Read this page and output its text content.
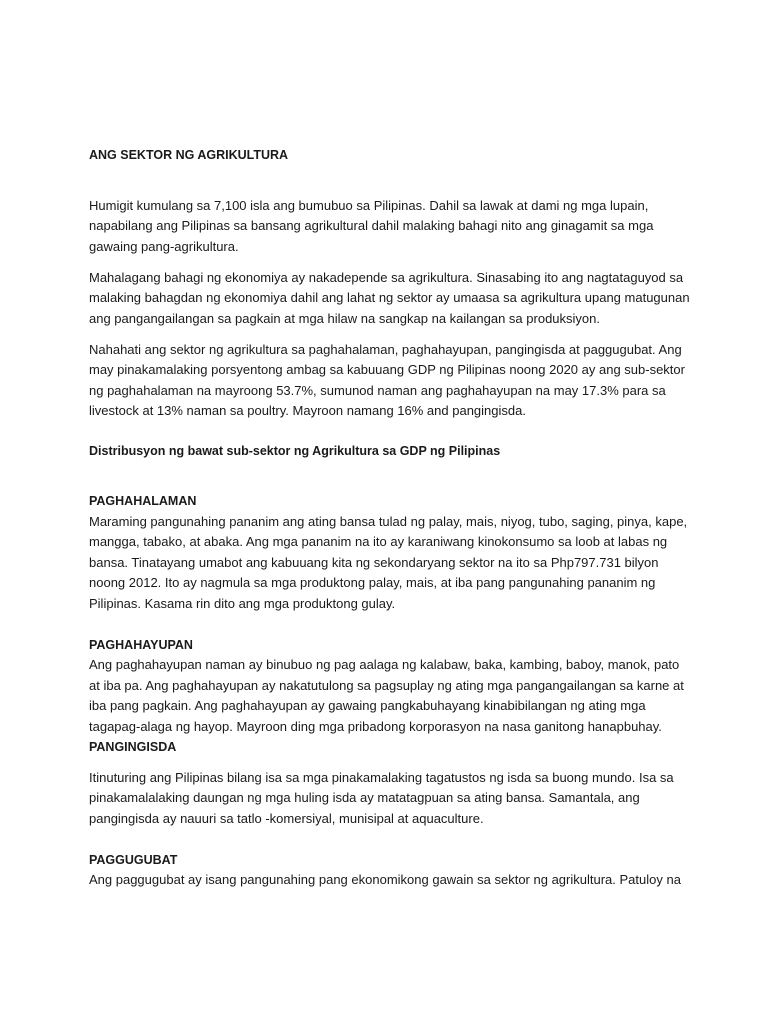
ANG SEKTOR NG AGRIKULTURA

Humigit kumulang sa 7,100 isla ang bumubuo sa Pilipinas. Dahil sa lawak at dami ng mga lupain, napabilang ang Pilipinas sa bansang agrikultural dahil malaking bahagi nito ang ginagamit sa mga gawaing pang-agrikultura.

Mahalagang bahagi ng ekonomiya ay nakadepende sa agrikultura. Sinasabing ito ang nagtataguyod sa malaking bahagdan ng ekonomiya dahil ang lahat ng sektor ay umaasa sa agrikultura upang matugunan ang pangangailangan sa pagkain at mga hilaw na sangkap na kailangan sa produksiyon.

Nahahati ang sektor ng agrikultura sa paghahalaman, paghahayupan, pangingisda at paggugubat. Ang may pinakamalaking porsyentong ambag sa kabuuang GDP ng Pilipinas noong 2020 ay ang sub-sektor ng paghahalaman na mayroong 53.7%, sumunod naman ang paghahayupan na may 17.3% para sa livestock at 13% naman sa poultry. Mayroon namang 16% and pangingisda.

Distribusyon ng bawat sub-sektor ng Agrikultura sa GDP ng Pilipinas
PAGHAHALAMAN

Maraming pangunahing pananim ang ating bansa tulad ng palay, mais, niyog, tubo, saging, pinya, kape, mangga, tabako, at abaka. Ang mga pananim na ito ay karaniwang kinokonsumo sa loob at labas ng bansa. Tinatayang umabot ang kabuuang kita ng sekondaryang sektor na ito sa Php797.731 bilyon noong 2012. Ito ay nagmula sa mga produktong palay, mais, at iba pang pangunahing pananim ng Pilipinas. Kasama rin dito ang mga produktong gulay.

PAGHAHAYUPAN

Ang paghahayupan naman ay binubuo ng pag aalaga ng kalabaw, baka, kambing, baboy, manok, pato at iba pa. Ang paghahayupan ay nakatutulong sa pagsuplay ng ating mga pangangailangan sa karne at iba pang pagkain. Ang paghahayupan ay gawaing pangkabuhayang kinabibilangan ng ating mga tagapag-alaga ng hayop. Mayroon ding mga pribadong korporasyon na nasa ganitong hanapbuhay.

PANGINGISDA

Itinuturing ang Pilipinas bilang isa sa mga pinakamalaking tagatustos ng isda sa buong mundo. Isa sa pinakamalalaking daungan ng mga huling isda ay matatagpuan sa ating bansa. Samantala, ang pangingisda ay nauuri sa tatlo -komersiyal, munisipal at aquaculture.

PAGGUGUBAT

Ang paggugubat ay isang pangunahing pang ekonomikong gawain sa sektor ng agrikultura. Patuloy na
